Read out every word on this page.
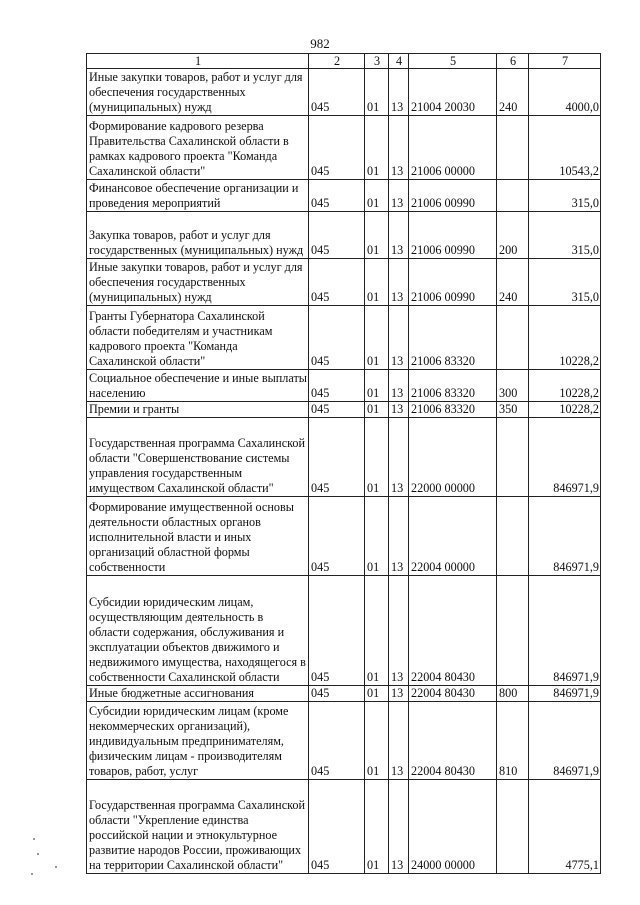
982
1	2	3	4	5	6	7
Иные закупки товаров, работ и услуг для обеспечения государственных (муниципальных) нужд	045	01	13	21004 20030	240	4000,0
Формирование кадрового резерва Правительства Сахалинской области в рамках кадрового проекта "Команда Сахалинской области"	045	01	13	21006 00000		10543,2
Финансовое обеспечение организации и проведения мероприятий	045	01	13	21006 00990		315,0
Закупка товаров, работ и услуг для государственных (муниципальных) нужд	045	01	13	21006 00990	200	315,0
Иные закупки товаров, работ и услуг для обеспечения государственных (муниципальных) нужд	045	01	13	21006 00990	240	315,0
Гранты Губернатора Сахалинской области победителям и участникам кадрового проекта "Команда Сахалинской области"	045	01	13	21006 83320		10228,2
Социальное обеспечение и иные выплаты населению	045	01	13	21006 83320	300	10228,2
Премии и гранты	045	01	13	21006 83320	350	10228,2
Государственная программа Сахалинской области "Совершенствование системы управления государственным имуществом Сахалинской области"	045	01	13	22000 00000		846971,9
Формирование имущественной основы деятельности областных органов исполнительной власти и иных организаций областной формы собственности	045	01	13	22004 00000		846971,9
Субсидии юридическим лицам, осуществляющим деятельность в области содержания, обслуживания и эксплуатации объектов движимого и недвижимого имущества, находящегося в собственности Сахалинской области	045	01	13	22004 80430		846971,9
Иные бюджетные ассигнования	045	01	13	22004 80430	800	846971,9
Субсидии юридическим лицам (кроме некоммерческих организаций), индивидуальным предпринимателям, физическим лицам - производителям товаров, работ, услуг	045	01	13	22004 80430	810	846971,9
Государственная программа Сахалинской области "Укрепление единства российской нации и этнокультурное развитие народов России, проживающих на территории Сахалинской области"	045	01	13	24000 00000		4775,1
